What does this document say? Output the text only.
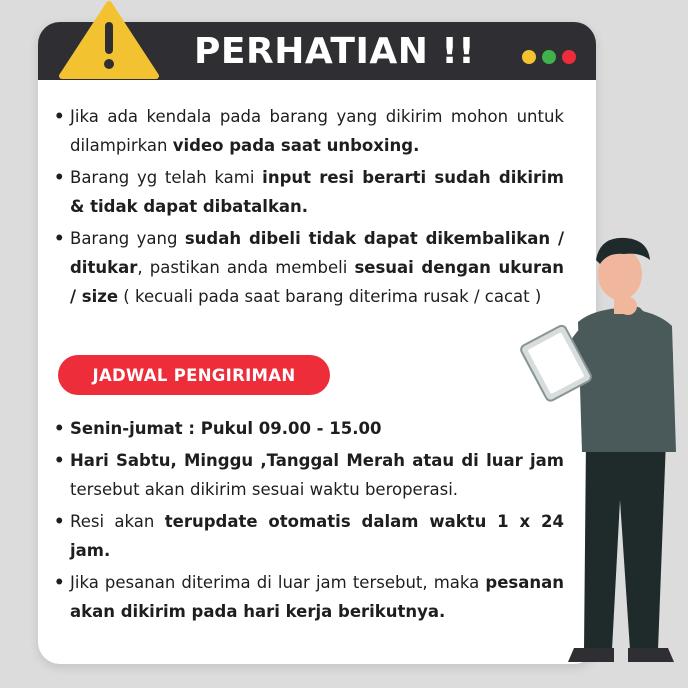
PERHATIAN !!
• Jika ada kendala pada barang yang dikirim mohon untuk dilampirkan video pada saat unboxing.
• Barang yg telah kami input resi berarti sudah dikirim & tidak dapat dibatalkan.
• Barang yang sudah dibeli tidak dapat dikembalikan / ditukar, pastikan anda membeli sesuai dengan ukuran / size ( kecuali pada saat barang diterima rusak / cacat )
JADWAL PENGIRIMAN
• Senin-jumat : Pukul 09.00 - 15.00
• Hari Sabtu, Minggu ,Tanggal Merah atau di luar jam tersebut akan dikirim sesuai waktu beroperasi.
• Resi akan terupdate otomatis dalam waktu 1 x 24 jam.
• Jika pesanan diterima di luar jam tersebut, maka pesanan akan dikirim pada hari kerja berikutnya.
